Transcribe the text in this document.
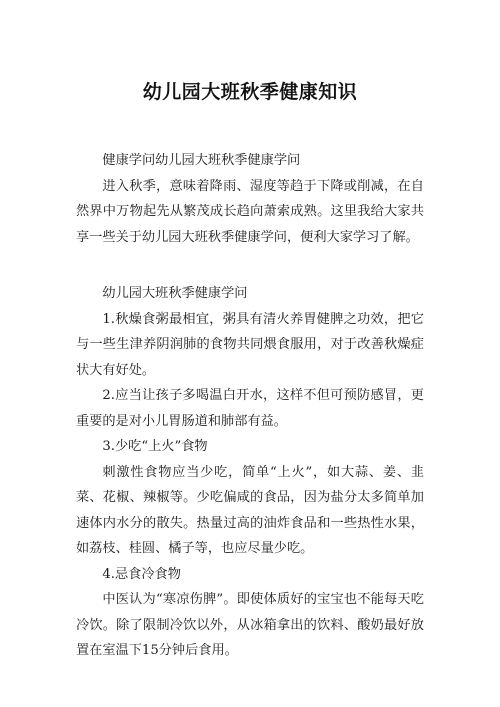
幼儿园大班秋季健康知识

健康学问幼儿园大班秋季健康学问

进入秋季，意味着降雨、湿度等趋于下降或削减，在自然界中万物起先从繁茂成长趋向萧索成熟。这里我给大家共享一些关于幼儿园大班秋季健康学问，便利大家学习了解。

幼儿园大班秋季健康学问

1.秋燥食粥最相宜，粥具有清火养胃健脾之功效，把它与一些生津养阴润肺的食物共同煨食服用，对于改善秋燥症状大有好处。

2.应当让孩子多喝温白开水，这样不但可预防感冒，更重要的是对小儿胃肠道和肺部有益。

3.少吃“上火”食物

刺激性食物应当少吃，简单“上火”，如大蒜、姜、韭菜、花椒、辣椒等。少吃偏咸的食品，因为盐分太多简单加速体内水分的散失。热量过高的油炸食品和一些热性水果，如荔枝、桂圆、橘子等，也应尽量少吃。

4.忌食冷食物

中医认为“寒凉伤脾”。即使体质好的宝宝也不能每天吃冷饮。除了限制冷饮以外，从冰箱拿出的饮料、酸奶最好放置在室温下15分钟后食用。
